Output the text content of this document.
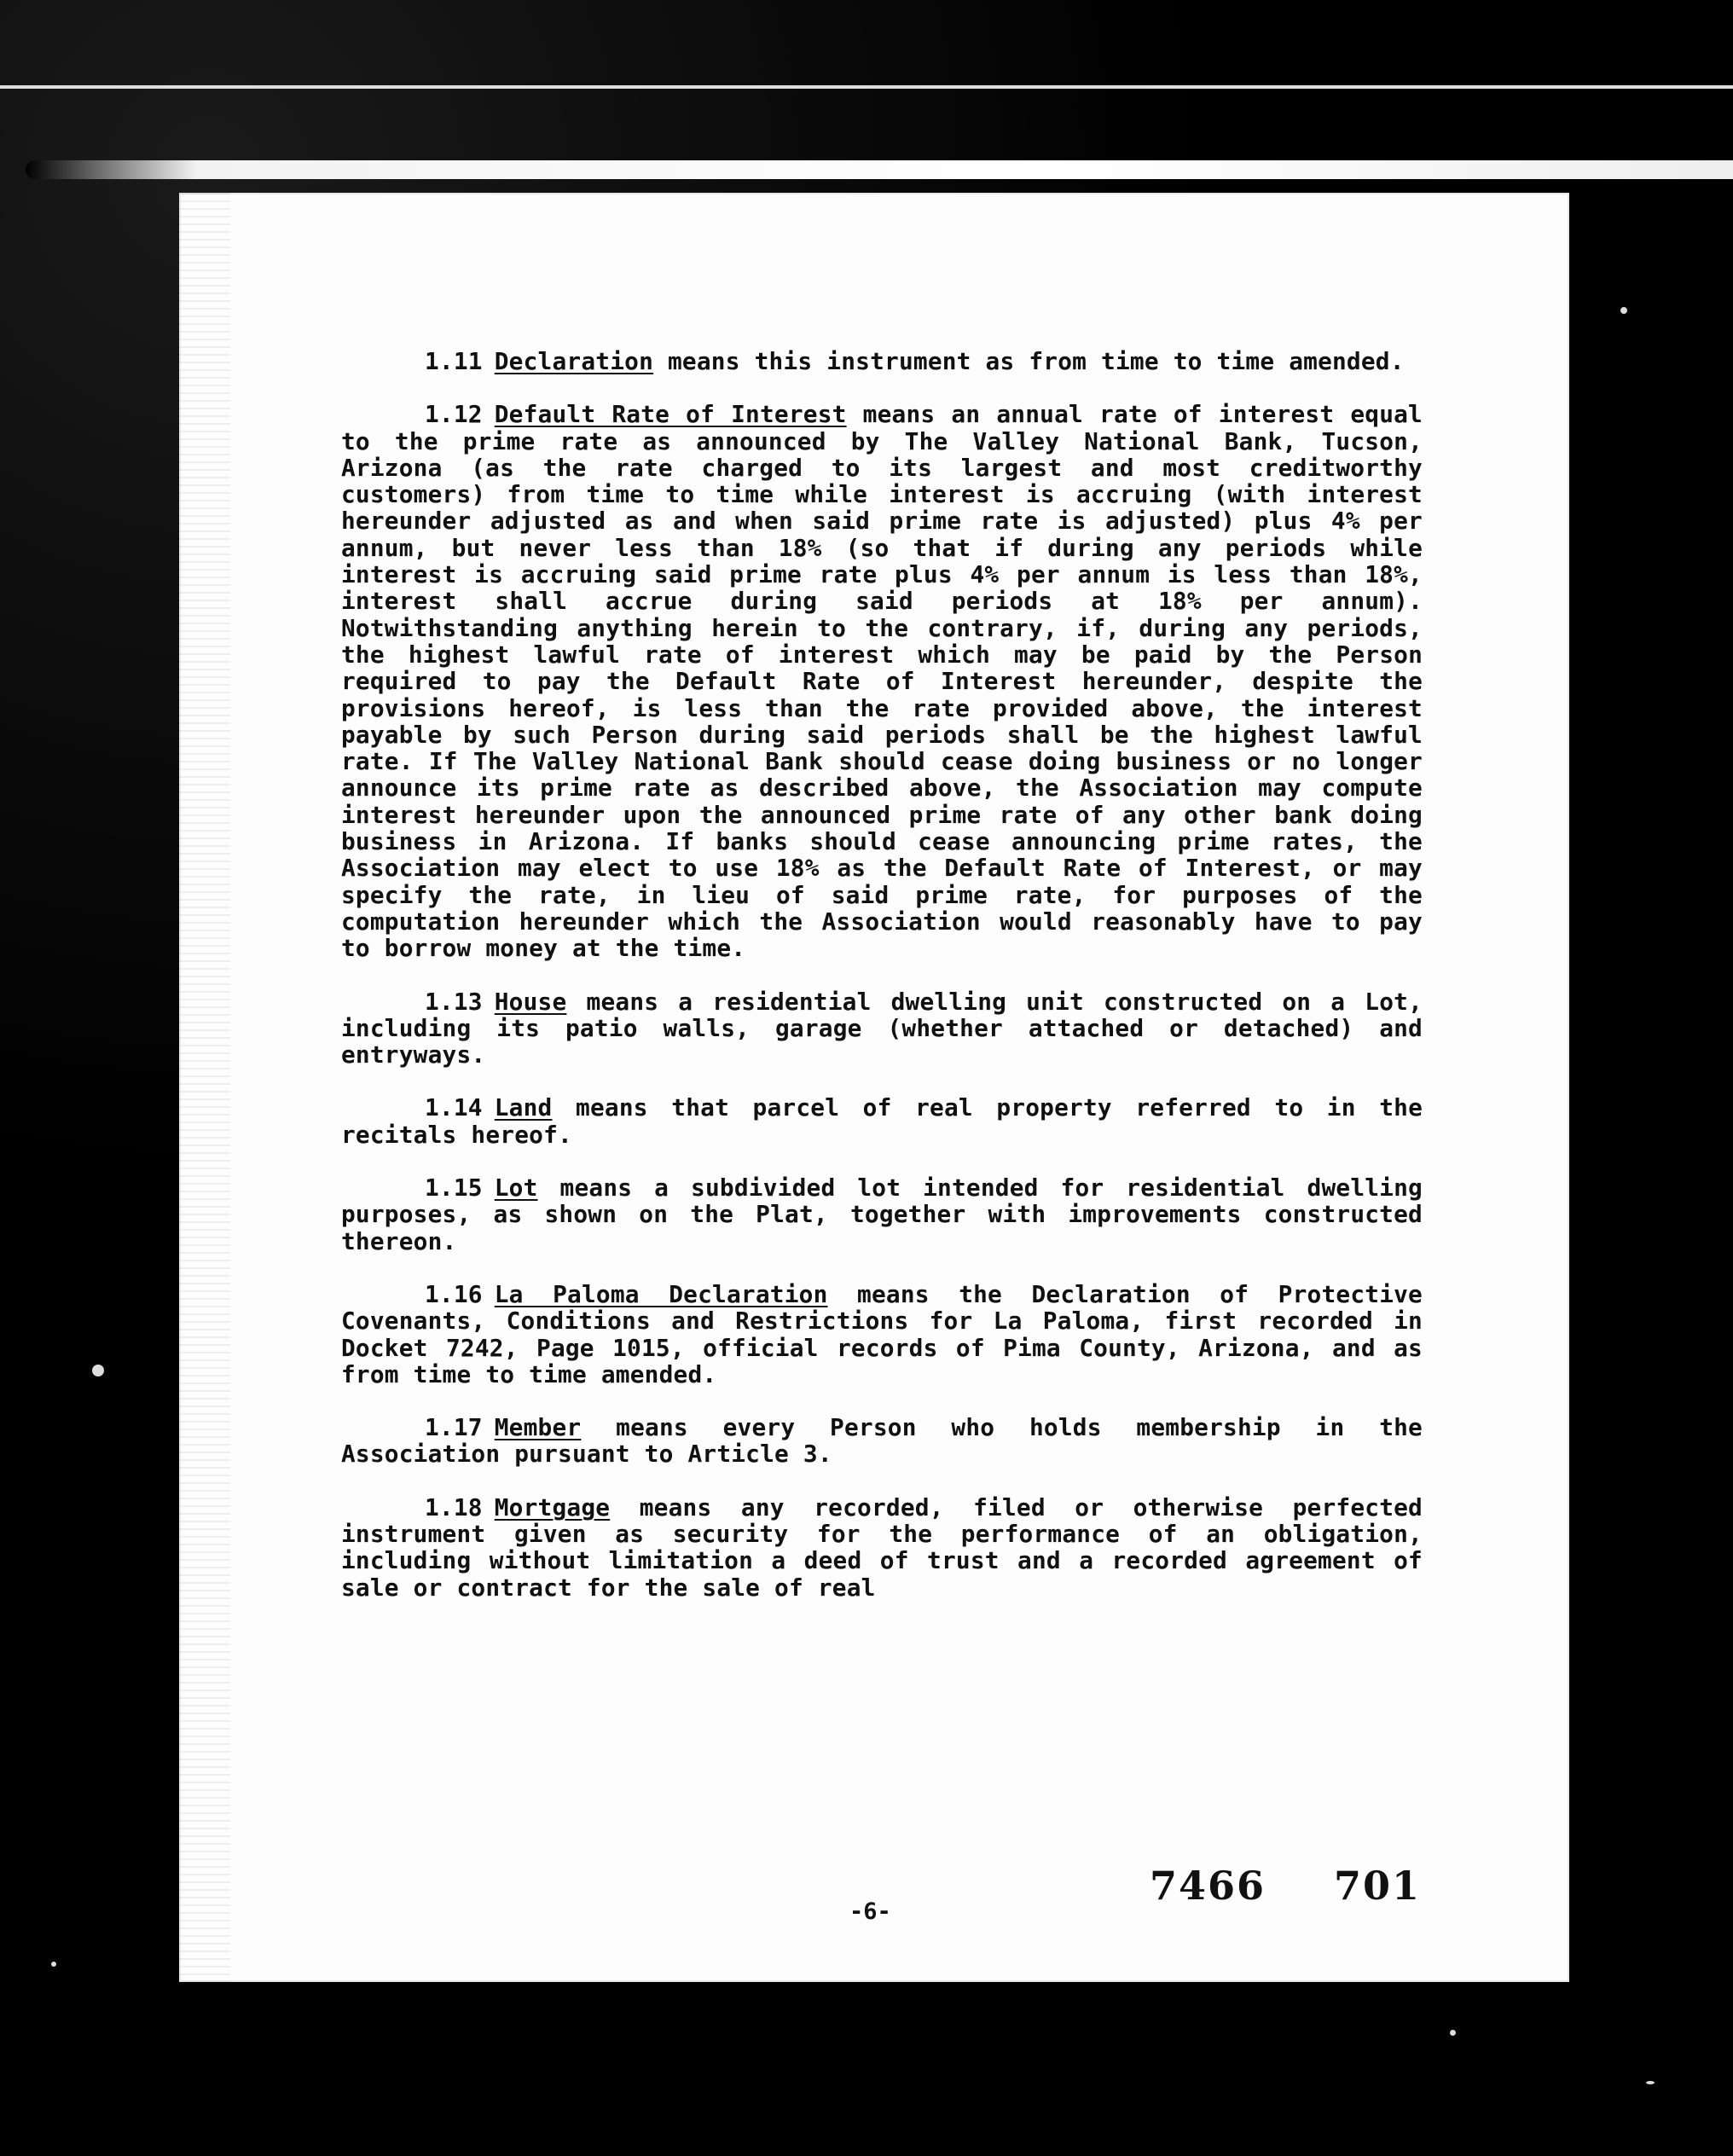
1.11 Declaration means this instrument as from time to time amended.

1.12 Default Rate of Interest means an annual rate of interest equal to the prime rate as announced by The Valley National Bank, Tucson, Arizona (as the rate charged to its largest and most creditworthy customers) from time to time while interest is accruing (with interest hereunder adjusted as and when said prime rate is adjusted) plus 4% per annum, but never less than 18% (so that if during any periods while interest is accruing said prime rate plus 4% per annum is less than 18%, interest shall accrue during said periods at 18% per annum). Notwithstanding anything herein to the contrary, if, during any periods, the highest lawful rate of interest which may be paid by the Person required to pay the Default Rate of Interest hereunder, despite the provisions hereof, is less than the rate provided above, the interest payable by such Person during said periods shall be the highest lawful rate. If The Valley National Bank should cease doing business or no longer announce its prime rate as described above, the Association may compute interest hereunder upon the announced prime rate of any other bank doing business in Arizona. If banks should cease announcing prime rates, the Association may elect to use 18% as the Default Rate of Interest, or may specify the rate, in lieu of said prime rate, for purposes of the computation hereunder which the Association would reasonably have to pay to borrow money at the time.

1.13 House means a residential dwelling unit constructed on a Lot, including its patio walls, garage (whether attached or detached) and entryways.

1.14 Land means that parcel of real property referred to in the recitals hereof.

1.15 Lot means a subdivided lot intended for residential dwelling purposes, as shown on the Plat, together with improvements constructed thereon.

1.16 La Paloma Declaration means the Declaration of Protective Covenants, Conditions and Restrictions for La Paloma, first recorded in Docket 7242, Page 1015, official records of Pima County, Arizona, and as from time to time amended.

1.17 Member means every Person who holds membership in the Association pursuant to Article 3.

1.18 Mortgage means any recorded, filed or otherwise perfected instrument given as security for the performance of an obligation, including without limitation a deed of trust and a recorded agreement of sale or contract for the sale of real

7466 701
-6-
